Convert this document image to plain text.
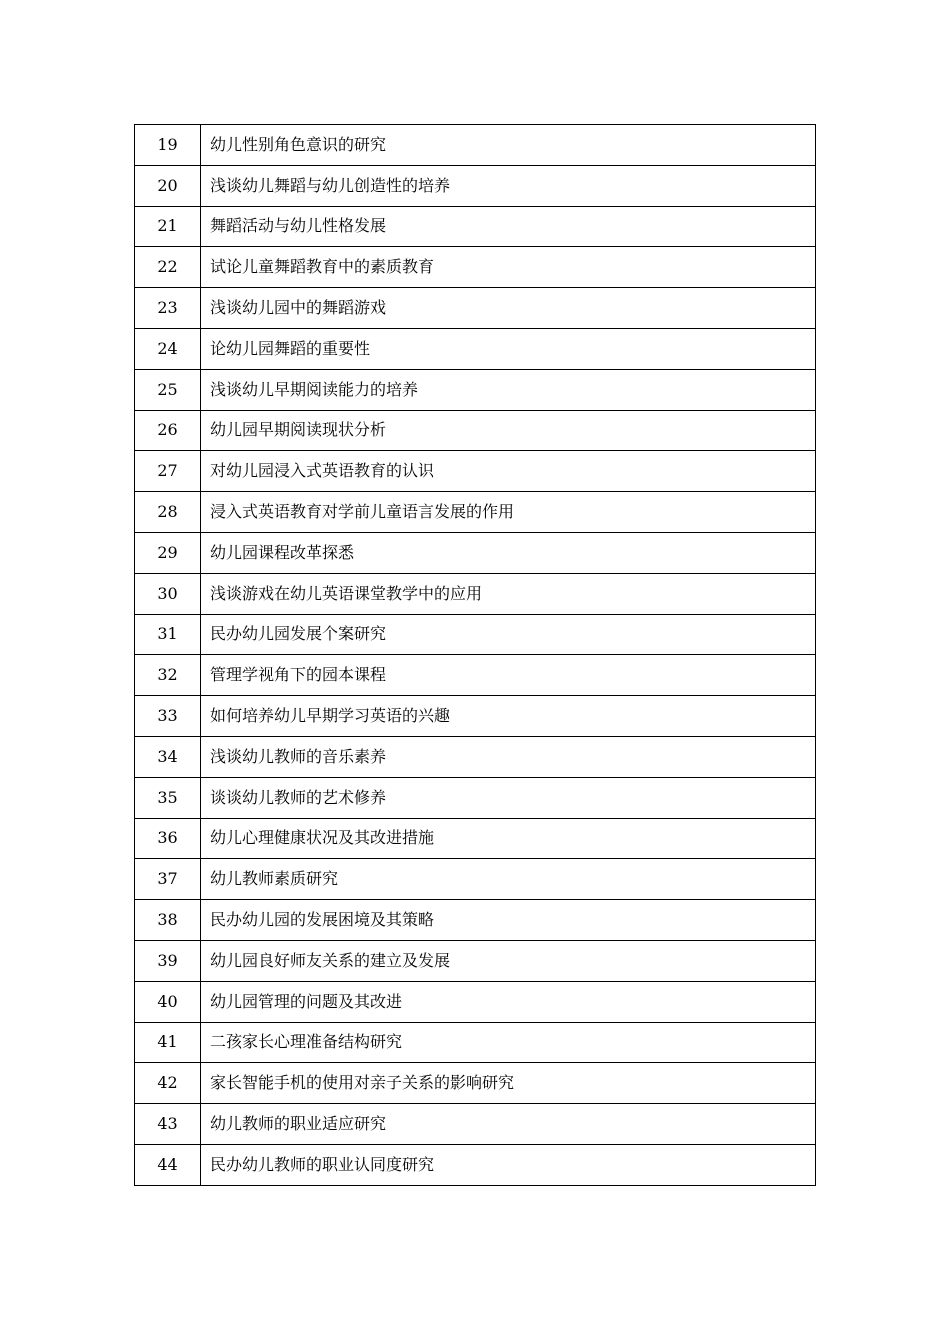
19	幼儿性别角色意识的研究
20	浅谈幼儿舞蹈与幼儿创造性的培养
21	舞蹈活动与幼儿性格发展
22	试论儿童舞蹈教育中的素质教育
23	浅谈幼儿园中的舞蹈游戏
24	论幼儿园舞蹈的重要性
25	浅谈幼儿早期阅读能力的培养
26	幼儿园早期阅读现状分析
27	对幼儿园浸入式英语教育的认识
28	浸入式英语教育对学前儿童语言发展的作用
29	幼儿园课程改革探悉
30	浅谈游戏在幼儿英语课堂教学中的应用
31	民办幼儿园发展个案研究
32	管理学视角下的园本课程
33	如何培养幼儿早期学习英语的兴趣
34	浅谈幼儿教师的音乐素养
35	谈谈幼儿教师的艺术修养
36	幼儿心理健康状况及其改进措施
37	幼儿教师素质研究
38	民办幼儿园的发展困境及其策略
39	幼儿园良好师友关系的建立及发展
40	幼儿园管理的问题及其改进
41	二孩家长心理准备结构研究
42	家长智能手机的使用对亲子关系的影响研究
43	幼儿教师的职业适应研究
44	民办幼儿教师的职业认同度研究
